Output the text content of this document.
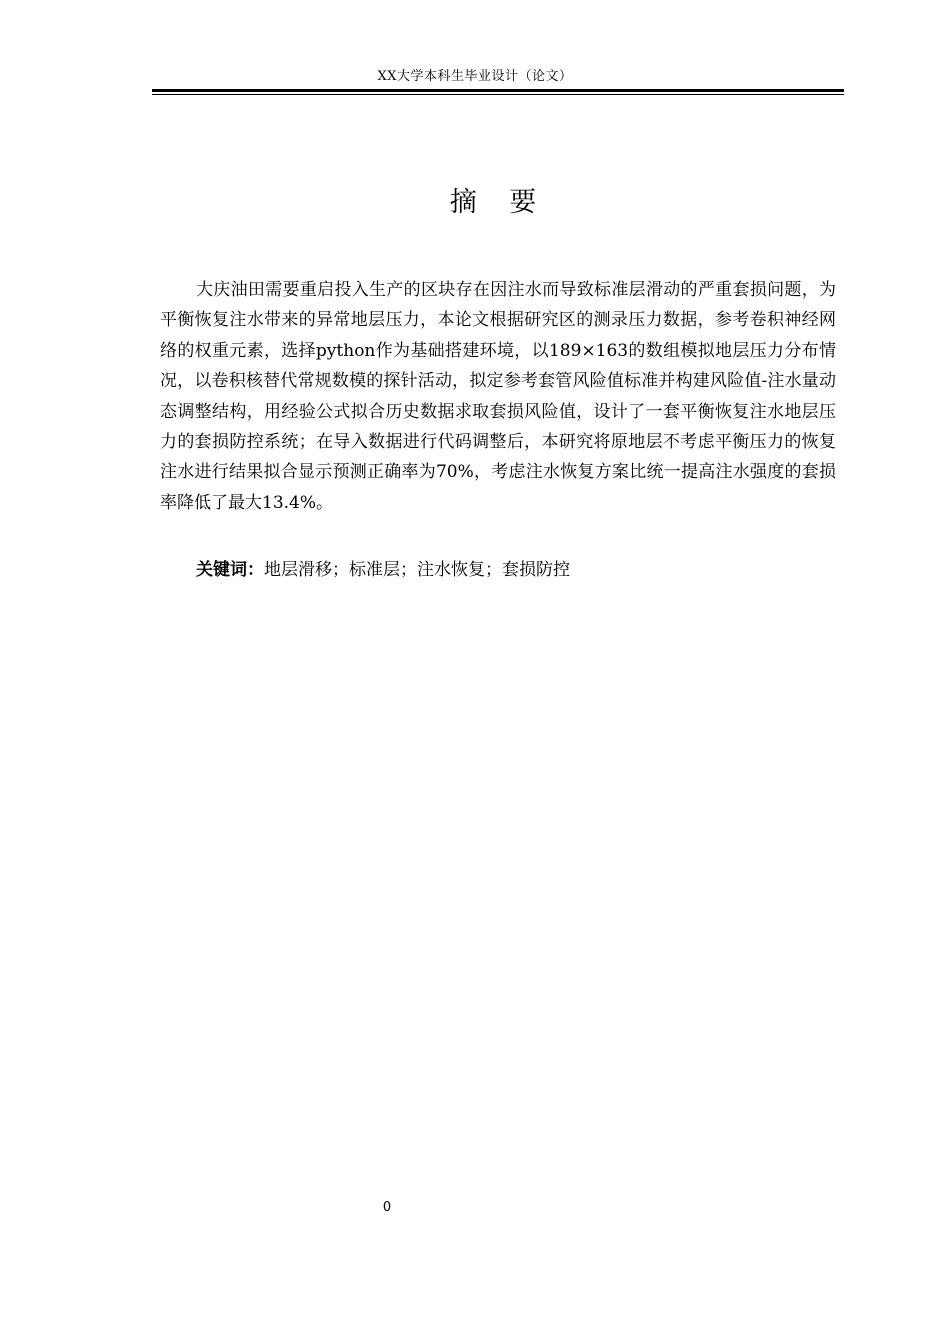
XX大学本科生毕业设计（论文）
摘 要

大庆油田需要重启投入生产的区块存在因注水而导致标准层滑动的严重套损问题，为平衡恢复注水带来的异常地层压力，本论文根据研究区的测录压力数据，参考卷积神经网络的权重元素，选择python作为基础搭建环境，以189×163的数组模拟地层压力分布情况，以卷积核替代常规数模的探针活动，拟定参考套管风险值标准并构建风险值-注水量动态调整结构，用经验公式拟合历史数据求取套损风险值，设计了一套平衡恢复注水地层压力的套损防控系统；在导入数据进行代码调整后，本研究将原地层不考虑平衡压力的恢复注水进行结果拟合显示预测正确率为70%，考虑注水恢复方案比统一提高注水强度的套损率降低了最大13.4%。

关键词：地层滑移；标准层；注水恢复；套损防控
0
